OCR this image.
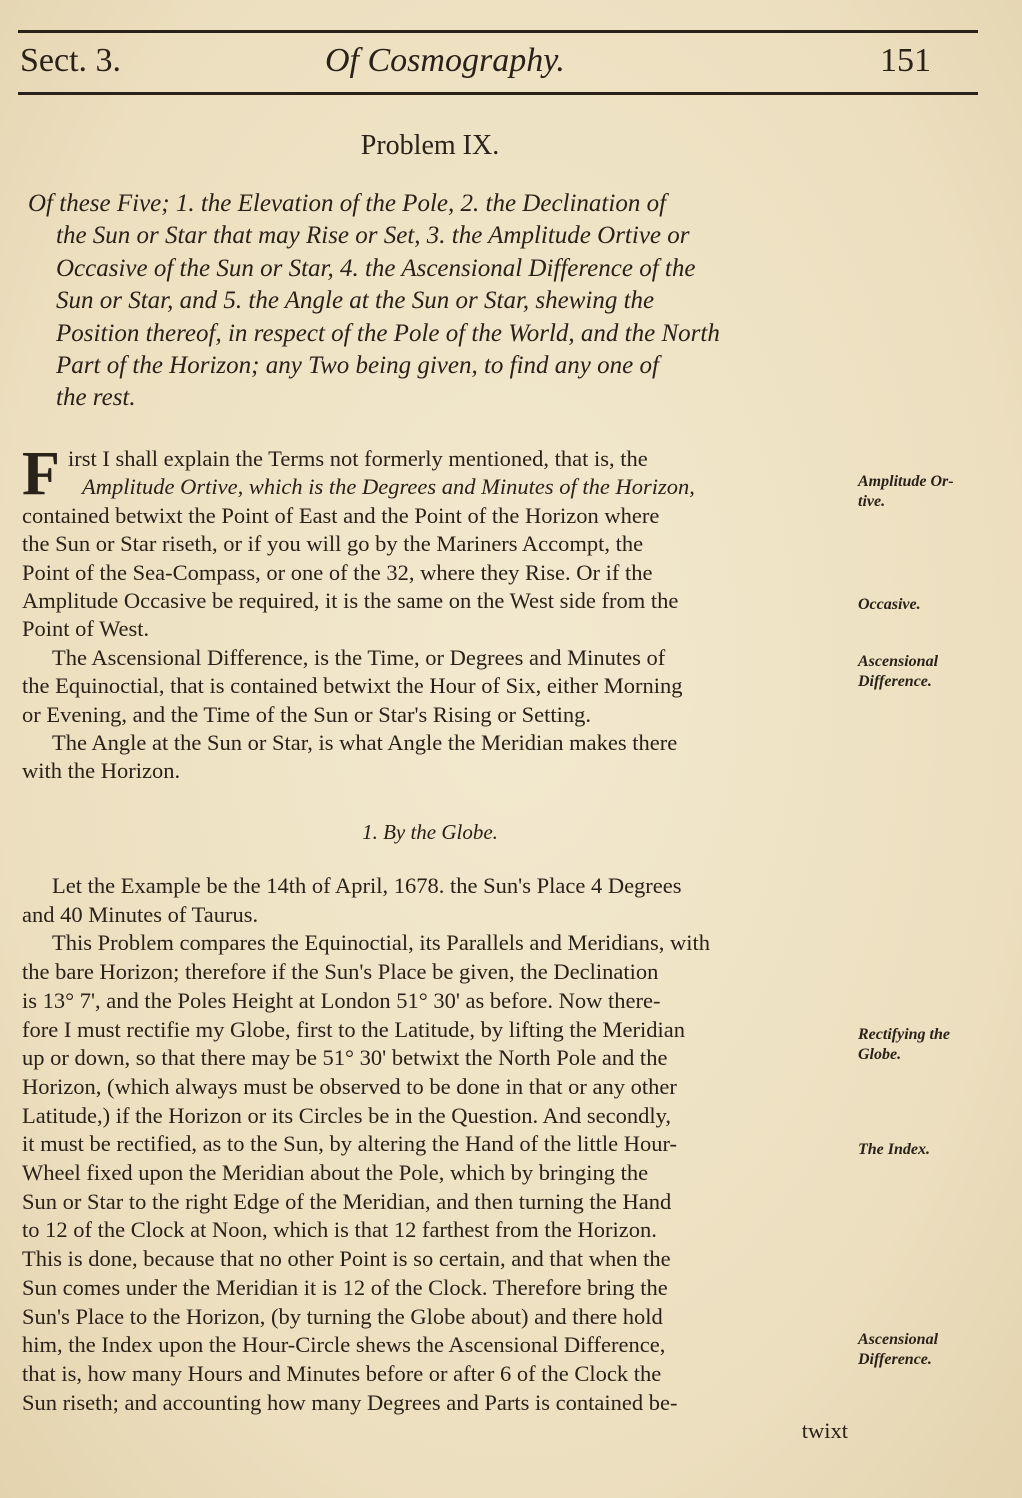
Sect. 3.	Of Cosmography.	151
Problem IX.
Of these Five; 1. the Elevation of the Pole, 2. the Declination of
the Sun or Star that may Rise or Set, 3. the Amplitude Ortive or
Occasive of the Sun or Star, 4. the Ascensional Difference of the
Sun or Star, and 5. the Angle at the Sun or Star, shewing the
Position thereof, in respect of the Pole of the World, and the North
Part of the Horizon; any Two being given, to find any one of
the rest.
F irst I shall explain the Terms not formerly mentioned, that is, the
Amplitude Ortive, which is the Degrees and Minutes of the Horizon,
contained betwixt the Point of East and the Point of the Horizon where
the Sun or Star riseth, or if you will go by the Mariners Accompt, the
Point of the Sea-Compass, or one of the 32, where they Rise. Or if the
Amplitude Occasive be required, it is the same on the West side from the
Point of West.
The Ascensional Difference, is the Time, or Degrees and Minutes of
the Equinoctial, that is contained betwixt the Hour of Six, either Morning
or Evening, and the Time of the Sun or Star's Rising or Setting.
The Angle at the Sun or Star, is what Angle the Meridian makes there
with the Horizon.
1. By the Globe.
Let the Example be the 14th of April, 1678. the Sun's Place 4 Degrees
and 40 Minutes of Taurus.
This Problem compares the Equinoctial, its Parallels and Meridians, with
the bare Horizon; therefore if the Sun's Place be given, the Declination
is 13° 7', and the Poles Height at London 51° 30' as before. Now there-
fore I must rectifie my Globe, first to the Latitude, by lifting the Meridian
up or down, so that there may be 51° 30' betwixt the North Pole and the
Horizon, (which always must be observed to be done in that or any other
Latitude,) if the Horizon or its Circles be in the Question. And secondly,
it must be rectified, as to the Sun, by altering the Hand of the little Hour-
Wheel fixed upon the Meridian about the Pole, which by bringing the
Sun or Star to the right Edge of the Meridian, and then turning the Hand
to 12 of the Clock at Noon, which is that 12 farthest from the Horizon.
This is done, because that no other Point is so certain, and that when the
Sun comes under the Meridian it is 12 of the Clock. Therefore bring the
Sun's Place to the Horizon, (by turning the Globe about) and there hold
him, the Index upon the Hour-Circle shews the Ascensional Difference,
that is, how many Hours and Minutes before or after 6 of the Clock the
Sun riseth; and accounting how many Degrees and Parts is contained be-
twixt
Amplitude Or-tive.
Occasive.
Ascensional Difference.
Rectifying the Globe.
The Index.
Ascensional Difference.
